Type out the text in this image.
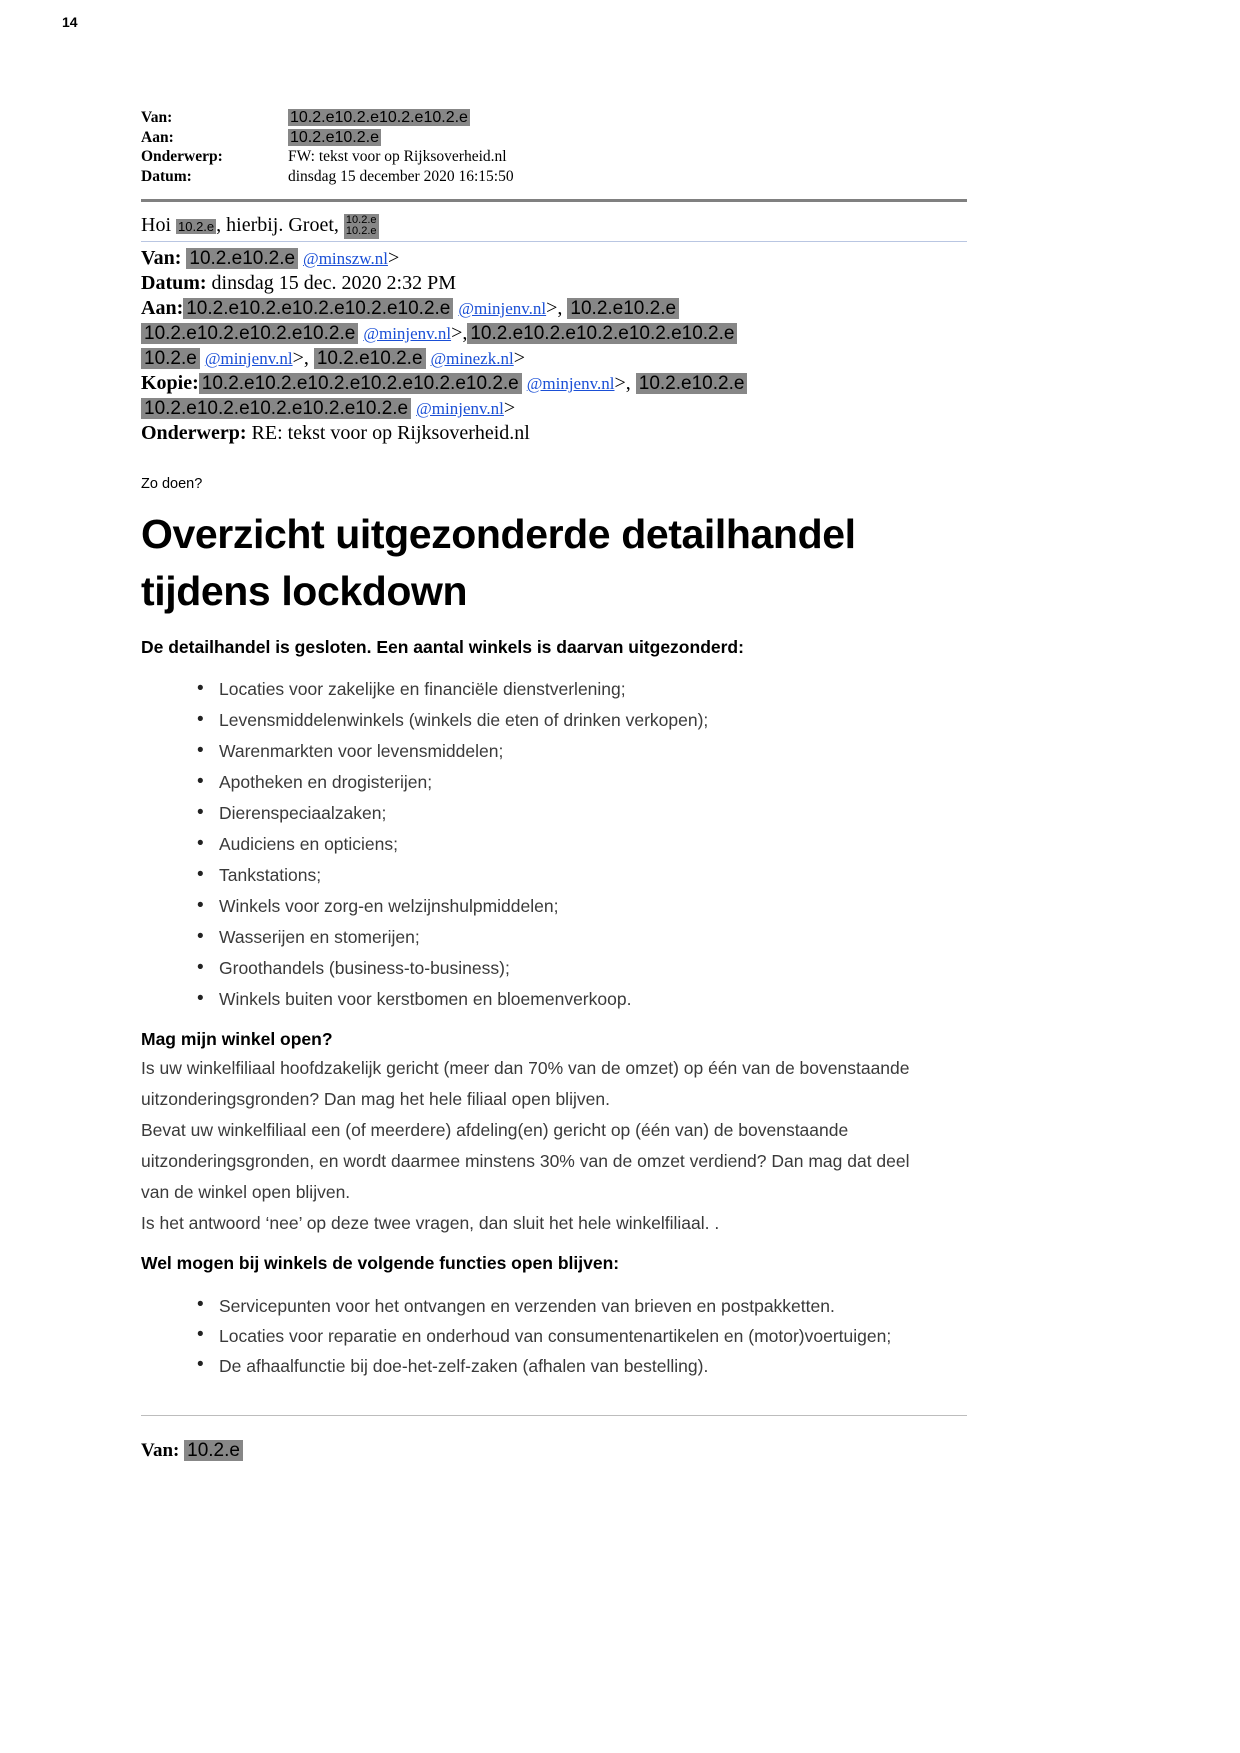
14
Van:	10.2.e10.2.e10.2.e10.2.e
Aan:	10.2.e10.2.e
Onderwerp:	FW: tekst voor op Rijksoverheid.nl
Datum:	dinsdag 15 december 2020 16:15:50
Hoi 10.2.e , hierbij. Groet, 10.2.e
10.2.e
Van: 10.2.e10.2.e @minszw.nl>
Datum: dinsdag 15 dec. 2020 2:32 PM
Aan: 10.2.e10.2.e10.2.e10.2.e10.2.e @minjenv.nl>, 10.2.e10.2.e
10.2.e10.2.e10.2.e10.2.e @minjenv.nl>, 10.2.e10.2.e10.2.e10.2.e10.2.e
10.2.e @minjenv.nl>, 10.2.e10.2.e @minezk.nl>
Kopie: 10.2.e10.2.e10.2.e10.2.e10.2.e10.2.e @minjenv.nl>, 10.2.e10.2.e
10.2.e10.2.e10.2.e10.2.e10.2.e @minjenv.nl>
Onderwerp: RE: tekst voor op Rijksoverheid.nl
Zo doen?
Overzicht uitgezonderde detailhandel tijdens lockdown
De detailhandel is gesloten. Een aantal winkels is daarvan uitgezonderd:
• Locaties voor zakelijke en financiële dienstverlening;
• Levensmiddelenwinkels (winkels die eten of drinken verkopen);
• Warenmarkten voor levensmiddelen;
• Apotheken en drogisterijen;
• Dierenspeciaalzaken;
• Audiciens en opticiens;
• Tankstations;
• Winkels voor zorg-en welzijnshulpmiddelen;
• Wasserijen en stomerijen;
• Groothandels (business-to-business);
• Winkels buiten voor kerstbomen en bloemenverkoop.
Mag mijn winkel open?

Is uw winkelfiliaal hoofdzakelijk gericht (meer dan 70% van de omzet) op één van de bovenstaande uitzonderingsgronden? Dan mag het hele filiaal open blijven.

Bevat uw winkelfiliaal een (of meerdere) afdeling(en) gericht op (één van) de bovenstaande uitzonderingsgronden, en wordt daarmee minstens 30% van de omzet verdiend? Dan mag dat deel van de winkel open blijven.

Is het antwoord ‘nee’ op deze twee vragen, dan sluit het hele winkelfiliaal. .

Wel mogen bij winkels de volgende functies open blijven:
• Servicepunten voor het ontvangen en verzenden van brieven en postpakketten.
• Locaties voor reparatie en onderhoud van consumentenartikelen en (motor)voertuigen;
• De afhaalfunctie bij doe-het-zelf-zaken (afhalen van bestelling).
Van: 10.2.e
